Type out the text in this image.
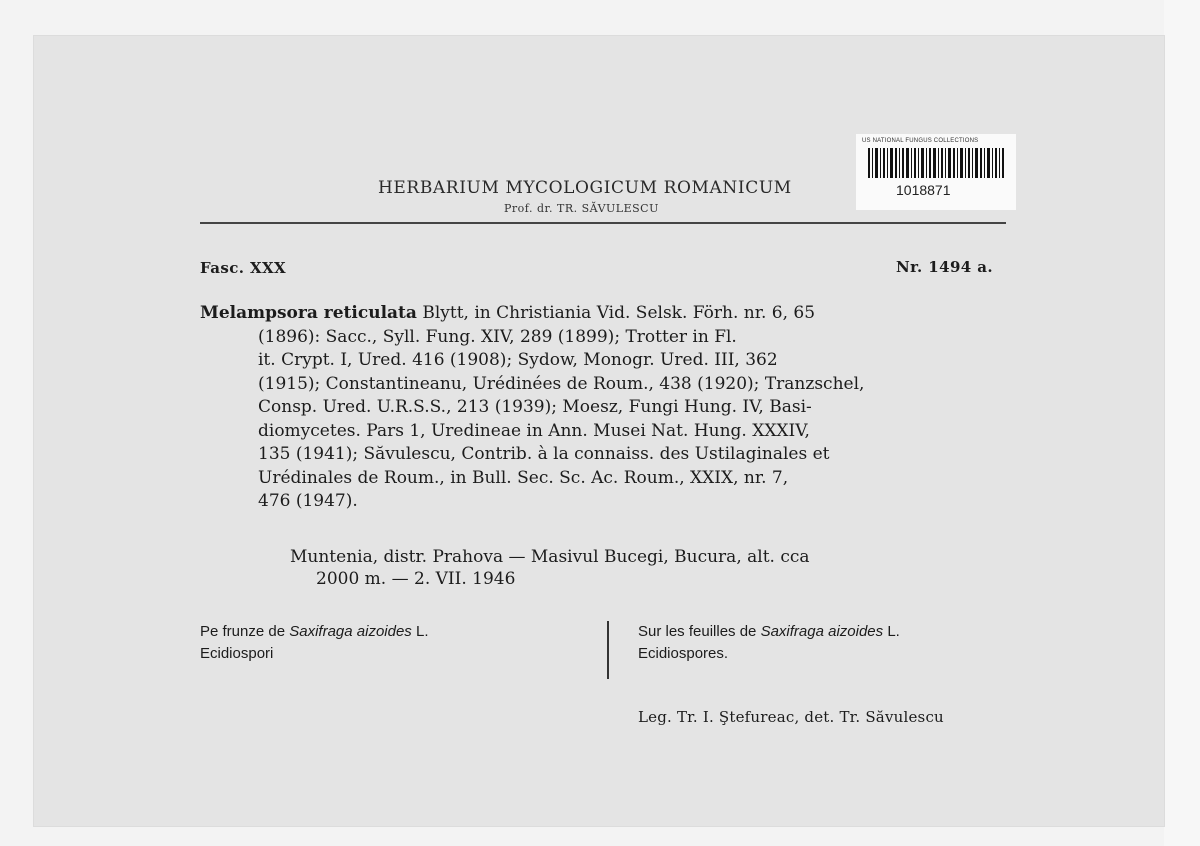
HERBARIUM MYCOLOGICUM ROMANICUM
Prof. dr. TR. SĂVULESCU
US NATIONAL FUNGUS COLLECTIONS
1018871
Fasc. XXX	Nr. 1494 a.
Melampsora reticulata Blytt, in Christiania Vid. Selsk. Förh. nr. 6, 65
(1896): Sacc., Syll. Fung. XIV, 289 (1899); Trotter in Fl.
it. Crypt. I, Ured. 416 (1908); Sydow, Monogr. Ured. III, 362
(1915); Constantineanu, Urédinées de Roum., 438 (1920); Tranzschel,
Consp. Ured. U.R.S.S., 213 (1939); Moesz, Fungi Hung. IV, Basi-
diomycetes. Pars 1, Uredineae in Ann. Musei Nat. Hung. XXXIV,
135 (1941); Săvulescu, Contrib. à la connaiss. des Ustilaginales et
Urédinales de Roum., in Bull. Sec. Sc. Ac. Roum., XXIX, nr. 7,
476 (1947).
Muntenia, distr. Prahova — Masivul Bucegi, Bucura, alt. cca
2000 m. — 2. VII. 1946
Pe frunze de Saxifraga aizoides L.
Ecidiospori
Sur les feuilles de Saxifraga aizoides L.
Ecidiospores.
Leg. Tr. I. Ştefureac, det. Tr. Săvulescu
